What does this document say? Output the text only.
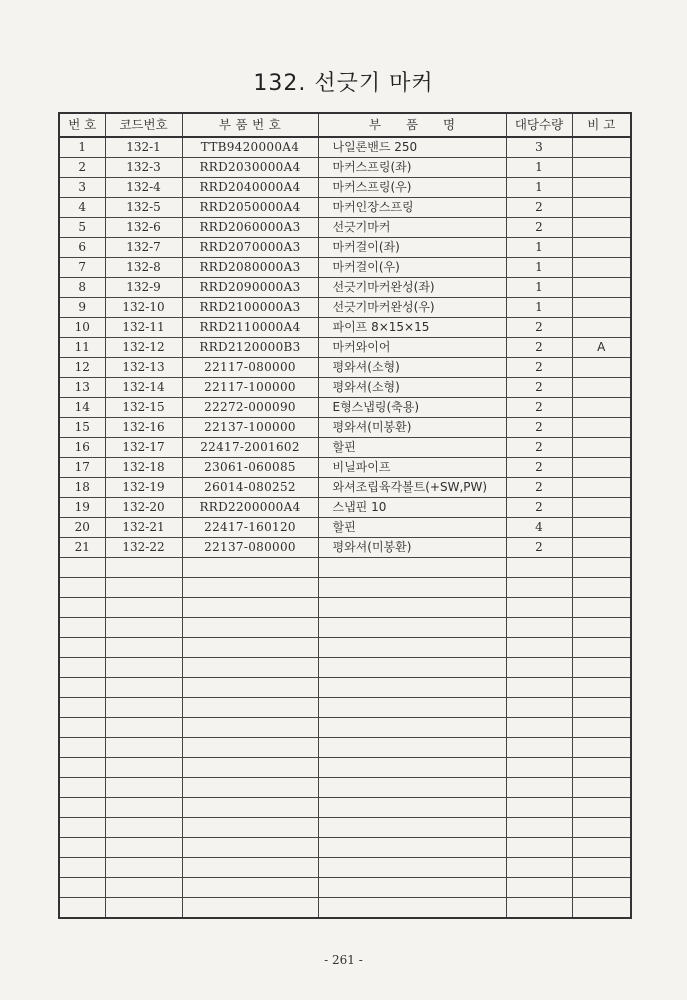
132. 선긋기 마커
번 호	코드번호	부 품 번 호	부　　품　　명	대당수량	비 고
1	132-1	TTB9420000A4	나일론밴드 250	3	
2	132-3	RRD2030000A4	마커스프링(좌)	1	
3	132-4	RRD2040000A4	마커스프링(우)	1	
4	132-5	RRD2050000A4	마커인장스프링	2	
5	132-6	RRD2060000A3	선긋기마커	2	
6	132-7	RRD2070000A3	마커걸이(좌)	1	
7	132-8	RRD2080000A3	마커걸이(우)	1	
8	132-9	RRD2090000A3	선긋기마커완성(좌)	1	
9	132-10	RRD2100000A3	선긋기마커완성(우)	1	
10	132-11	RRD2110000A4	파이프 8×15×15	2	
11	132-12	RRD2120000B3	마커와이어	2	A
12	132-13	22117-080000	평와셔(소형)	2	
13	132-14	22117-100000	평와셔(소형)	2	
14	132-15	22272-000090	E형스냅링(축용)	2	
15	132-16	22137-100000	평와셔(미봉환)	2	
16	132-17	22417-2001602	할핀	2	
17	132-18	23061-060085	비닐파이프	2	
18	132-19	26014-080252	와셔조립육각볼트(+SW,PW)	2	
19	132-20	RRD2200000A4	스냅핀 10	2	
20	132-21	22417-160120	할핀	4	
21	132-22	22137-080000	평와셔(미봉환)	2	

- 261 -
